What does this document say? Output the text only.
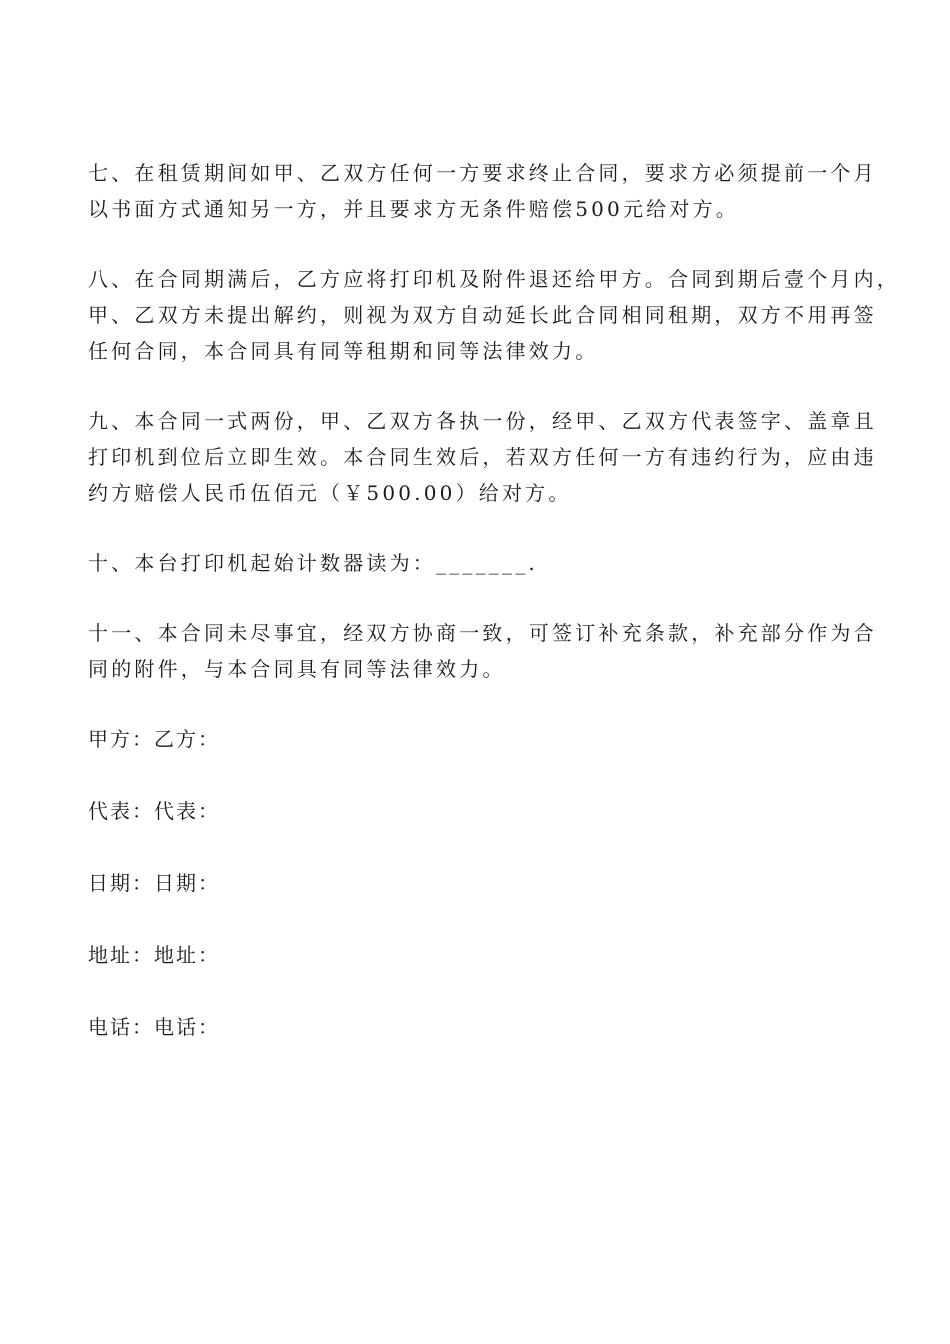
七、在租赁期间如甲、乙双方任何一方要求终止合同，要求方必须提前一个月
以书面方式通知另一方，并且要求方无条件赔偿500元给对方。
八、在合同期满后，乙方应将打印机及附件退还给甲方。合同到期后壹个月内，
甲、乙双方未提出解约，则视为双方自动延长此合同相同租期，双方不用再签
任何合同，本合同具有同等租期和同等法律效力。
九、本合同一式两份，甲、乙双方各执一份，经甲、乙双方代表签字、盖章且
打印机到位后立即生效。本合同生效后，若双方任何一方有违约行为，应由违
约方赔偿人民币伍佰元（￥500.00）给对方。
十、本台打印机起始计数器读为：_______.
十一、本合同未尽事宜，经双方协商一致，可签订补充条款，补充部分作为合
同的附件，与本合同具有同等法律效力。
甲方：乙方：
代表：代表：
日期：日期：
地址：地址：
电话：电话：
